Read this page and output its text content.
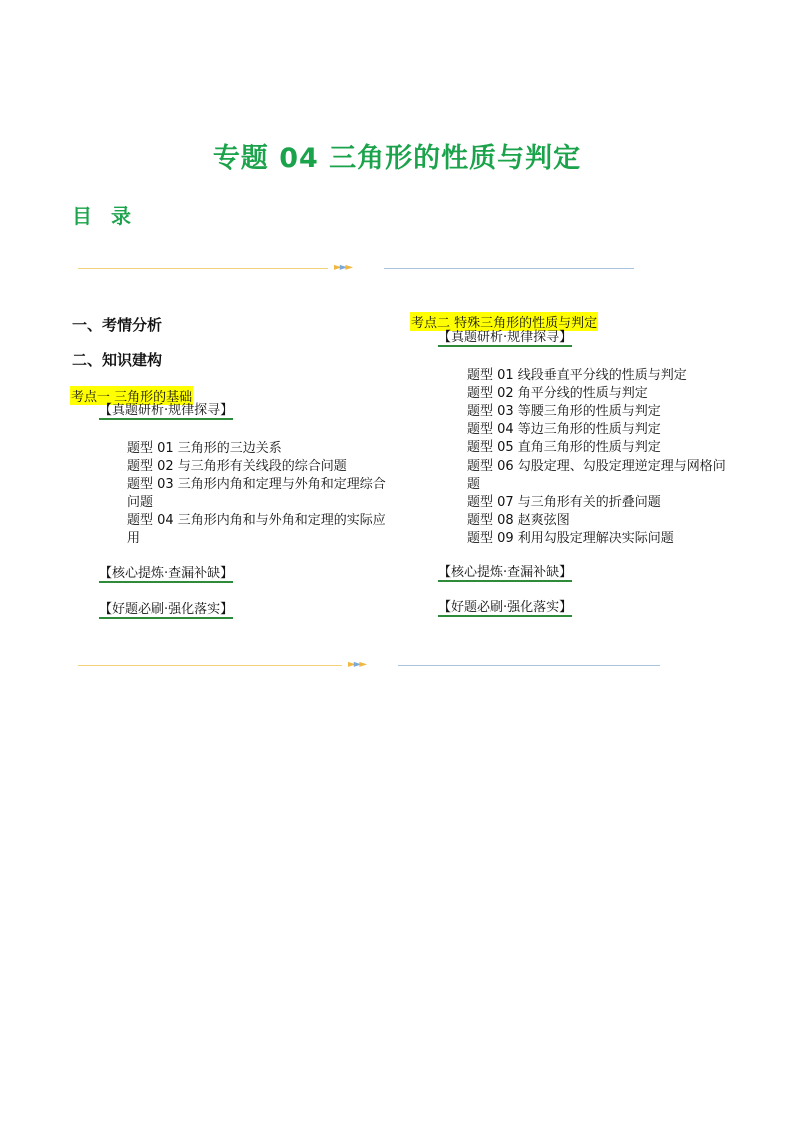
专题 04 三角形的性质与判定
目 录
►►►
一、考情分析
二、知识建构
考点一 三角形的基础
【真题研析·规律探寻】
题型 01 三角形的三边关系
题型 02 与三角形有关线段的综合问题
题型 03 三角形内角和定理与外角和定理综合问题
题型 04 三角形内角和与外角和定理的实际应用
【核心提炼·查漏补缺】
【好题必刷·强化落实】
考点二 特殊三角形的性质与判定
【真题研析·规律探寻】
题型 01 线段垂直平分线的性质与判定
题型 02 角平分线的性质与判定
题型 03 等腰三角形的性质与判定
题型 04 等边三角形的性质与判定
题型 05 直角三角形的性质与判定
题型 06 勾股定理、勾股定理逆定理与网格问题
题型 07 与三角形有关的折叠问题
题型 08 赵爽弦图
题型 09 利用勾股定理解决实际问题
【核心提炼·查漏补缺】
【好题必刷·强化落实】
►►►
